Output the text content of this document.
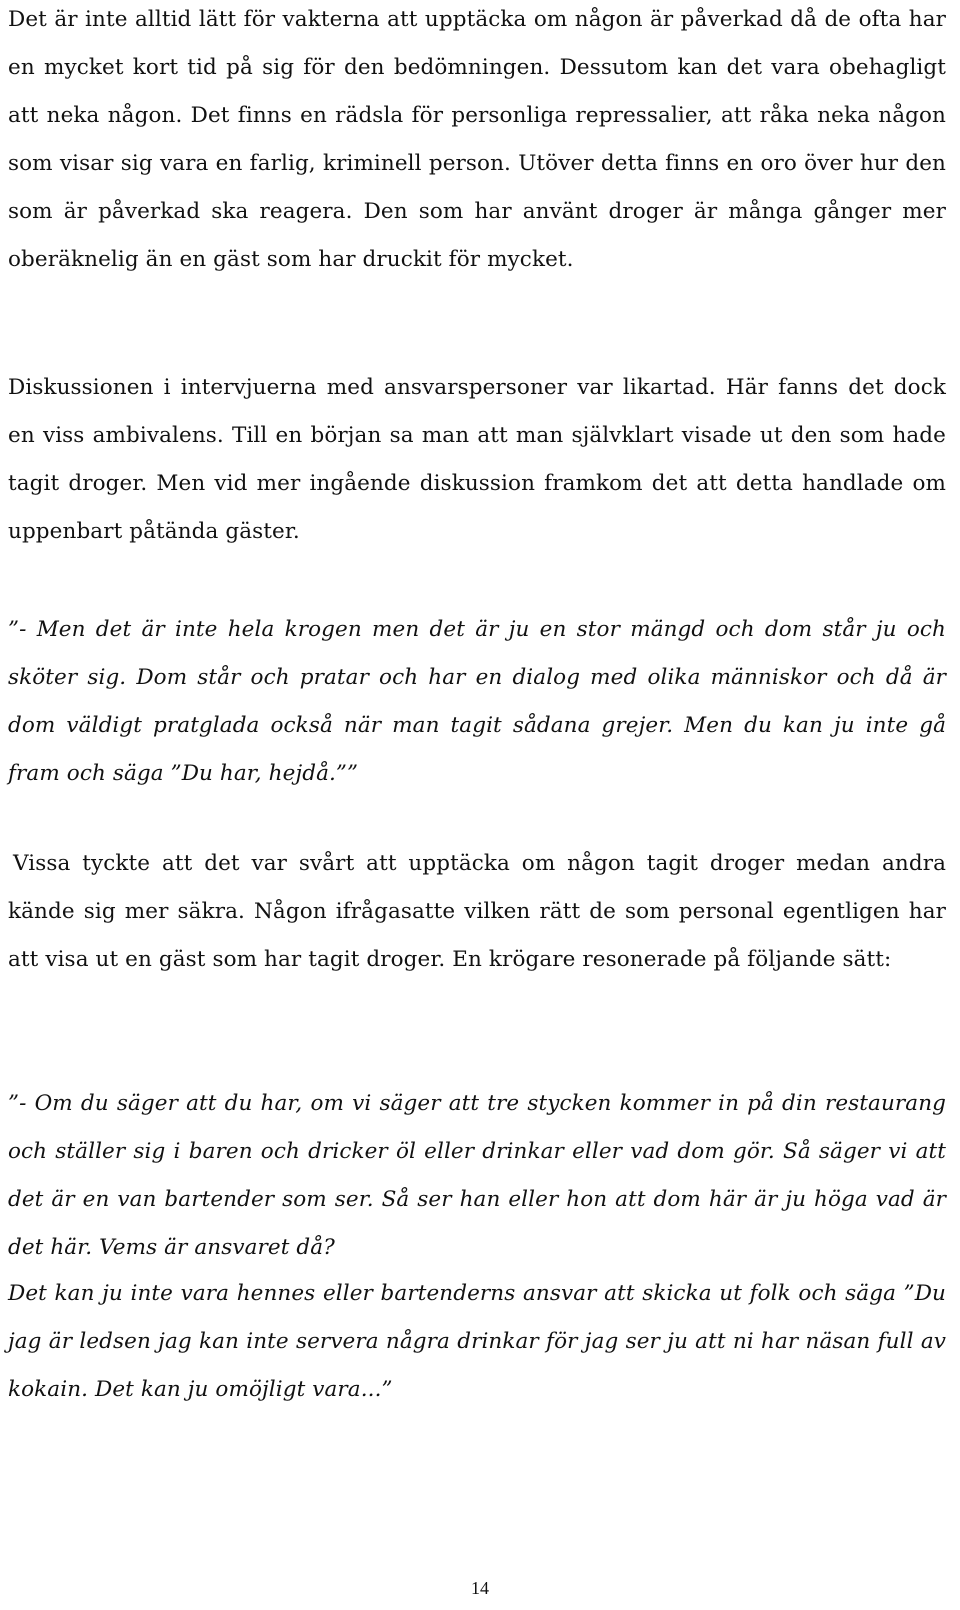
Det är inte alltid lätt för vakterna att upptäcka om någon är påverkad då de ofta har en mycket kort tid på sig för den bedömningen. Dessutom kan det vara obehagligt att neka någon. Det finns en rädsla för personliga repressalier, att råka neka någon som visar sig vara en farlig, kriminell person. Utöver detta finns en oro över hur den som är påverkad ska reagera. Den som har använt droger är många gånger mer oberäknelig än en gäst som har druckit för mycket.

Diskussionen i intervjuerna med ansvarspersoner var likartad. Här fanns det dock en viss ambivalens. Till en början sa man att man självklart visade ut den som hade tagit droger. Men vid mer ingående diskussion framkom det att detta handlade om uppenbart påtända gäster.

”- Men det är inte hela krogen men det är ju en stor mängd och dom står ju och sköter sig. Dom står och pratar och har en dialog med olika människor och då är dom väldigt pratglada också när man tagit sådana grejer. Men du kan ju inte gå fram och säga ”Du har, hejdå.””

Vissa tyckte att det var svårt att upptäcka om någon tagit droger medan andra kände sig mer säkra. Någon ifrågasatte vilken rätt de som personal egentligen har att visa ut en gäst som har tagit droger. En krögare resonerade på följande sätt:

”- Om du säger att du har, om vi säger att tre stycken kommer in på din restaurang och ställer sig i baren och dricker öl eller drinkar eller vad dom gör. Så säger vi att det är en van bartender som ser. Så ser han eller hon att dom här är ju höga vad är det här. Vems är ansvaret då?

Det kan ju inte vara hennes eller bartenderns ansvar att skicka ut folk och säga ”Du jag är ledsen jag kan inte servera några drinkar för jag ser ju att ni har näsan full av kokain. Det kan ju omöjligt vara...”

14
